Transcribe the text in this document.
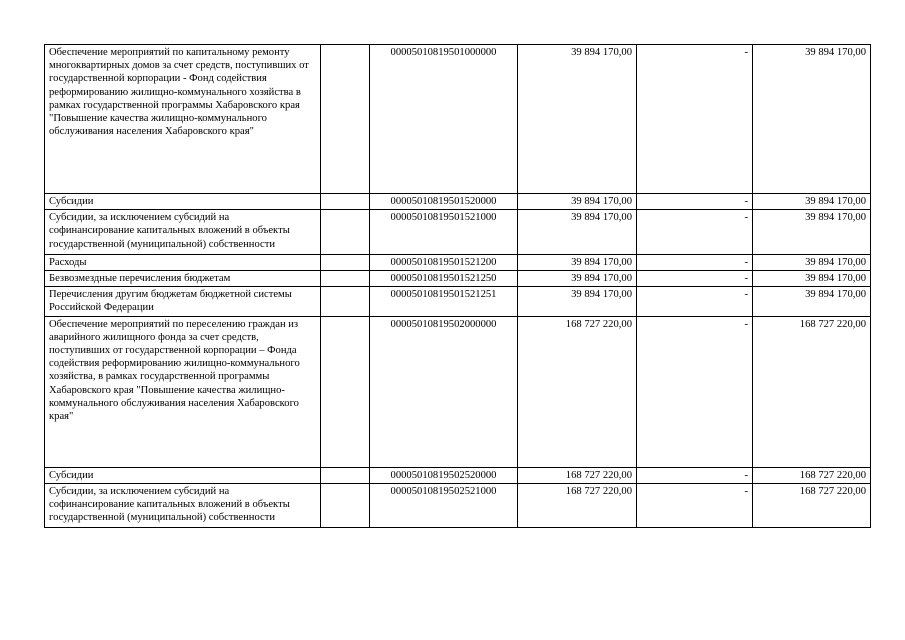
Обеспечение мероприятий по капитальному ремонту многоквартирных домов за счет средств, поступивших от государственной корпорации - Фонд содействия реформированию жилищно-коммунального хозяйства в рамках государственной программы Хабаровского края "Повышение качества жилищно-коммунального обслуживания населения Хабаровского края"		00005010819501000000	39 894 170,00	-	39 894 170,00
Субсидии		00005010819501520000	39 894 170,00	-	39 894 170,00
Субсидии, за исключением субсидий на софинансирование капитальных вложений в объекты государственной (муниципальной) собственности		00005010819501521000	39 894 170,00	-	39 894 170,00
Расходы		00005010819501521200	39 894 170,00	-	39 894 170,00
Безвозмездные перечисления бюджетам		00005010819501521250	39 894 170,00	-	39 894 170,00
Перечисления другим бюджетам бюджетной системы Российской Федерации		00005010819501521251	39 894 170,00	-	39 894 170,00
Обеспечение мероприятий по переселению граждан из аварийного жилищного фонда за счет средств, поступивших от государственной корпорации – Фонда содействия реформированию жилищно-коммунального хозяйства, в рамках государственной программы Хабаровского края "Повышение качества жилищно-коммунального обслуживания населения Хабаровского края"		00005010819502000000	168 727 220,00	-	168 727 220,00
Субсидии		00005010819502520000	168 727 220,00	-	168 727 220,00
Субсидии, за исключением субсидий на софинансирование капитальных вложений в объекты государственной (муниципальной) собственности		00005010819502521000	168 727 220,00	-	168 727 220,00
